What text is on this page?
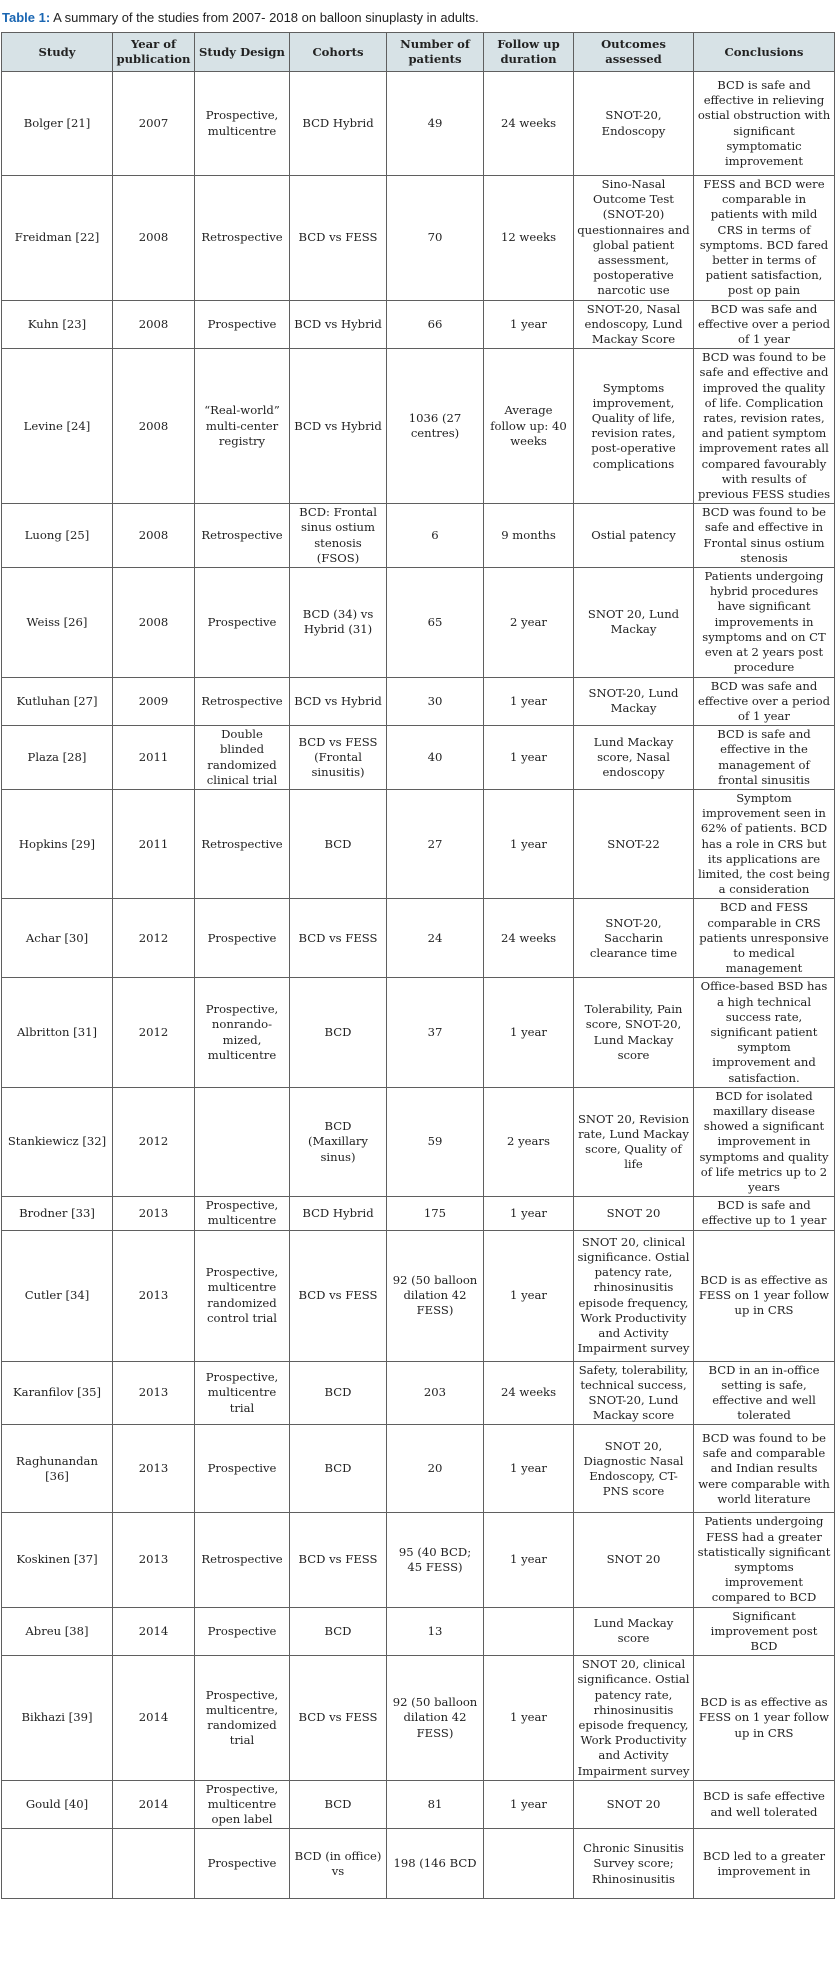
Table 1: A summary of the studies from 2007- 2018 on balloon sinuplasty in adults.
Study	Year of publication	Study Design	Cohorts	Number of patients	Follow up duration	Outcomes assessed	Conclusions
Bolger [21]	2007	Prospective, multicentre	BCD Hybrid	49	24 weeks	SNOT-20, Endoscopy	BCD is safe and effective in relieving ostial obstruction with significant symptomatic improvement
Freidman [22]	2008	Retrospective	BCD vs FESS	70	12 weeks	Sino-Nasal Outcome Test (SNOT-20) questionnaires and global patient assessment, postoperative narcotic use	FESS and BCD were comparable in patients with mild CRS in terms of symptoms. BCD fared better in terms of patient satisfaction, post op pain
Kuhn [23]	2008	Prospective	BCD vs Hybrid	66	1 year	SNOT-20, Nasal endoscopy, Lund Mackay Score	BCD was safe and effective over a period of 1 year
Levine [24]	2008	“Real-world” multi-center registry	BCD vs Hybrid	1036 (27 centres)	Average follow up: 40 weeks	Symptoms improvement, Quality of life, revision rates, post-operative complications	BCD was found to be safe and effective and improved the quality of life. Complication rates, revision rates, and patient symptom improvement rates all compared favourably with results of previous FESS studies
Luong [25]	2008	Retrospective	BCD: Frontal sinus ostium stenosis (FSOS)	6	9 months	Ostial patency	BCD was found to be safe and effective in Frontal sinus ostium stenosis
Weiss [26]	2008	Prospective	BCD (34) vs Hybrid (31)	65	2 year	SNOT 20, Lund Mackay	Patients undergoing hybrid procedures have significant improvements in symptoms and on CT even at 2 years post procedure
Kutluhan [27]	2009	Retrospective	BCD vs Hybrid	30	1 year	SNOT-20, Lund Mackay	BCD was safe and effective over a period of 1 year
Plaza [28]	2011	Double blinded randomized clinical trial	BCD vs FESS (Frontal sinusitis)	40	1 year	Lund Mackay score, Nasal endoscopy	BCD is safe and effective in the management of frontal sinusitis
Hopkins [29]	2011	Retrospective	BCD	27	1 year	SNOT-22	Symptom improvement seen in 62% of patients. BCD has a role in CRS but its applications are limited, the cost being a consideration
Achar [30]	2012	Prospective	BCD vs FESS	24	24 weeks	SNOT-20, Saccharin clearance time	BCD and FESS comparable in CRS patients unresponsive to medical management
Albritton [31]	2012	Prospective, nonrando-mized, multicentre	BCD	37	1 year	Tolerability, Pain score, SNOT-20, Lund Mackay score	Office-based BSD has a high technical success rate, significant patient symptom improvement and satisfaction.
Stankiewicz [32]	2012		BCD (Maxillary sinus)	59	2 years	SNOT 20, Revision rate, Lund Mackay score, Quality of life	BCD for isolated maxillary disease showed a significant improvement in symptoms and quality of life metrics up to 2 years
Brodner [33]	2013	Prospective, multicentre	BCD Hybrid	175	1 year	SNOT 20	BCD is safe and effective up to 1 year
Cutler [34]	2013	Prospective, multicentre randomized control trial	BCD vs FESS	92 (50 balloon dilation 42 FESS)	1 year	SNOT 20, clinical significance. Ostial patency rate, rhinosinusitis episode frequency, Work Productivity and Activity Impairment survey	BCD is as effective as FESS on 1 year follow up in CRS
Karanfilov [35]	2013	Prospective, multicentre trial	BCD	203	24 weeks	Safety, tolerability, technical success, SNOT-20, Lund Mackay score	BCD in an in-office setting is safe, effective and well tolerated
Raghunandan [36]	2013	Prospective	BCD	20	1 year	SNOT 20, Diagnostic Nasal Endoscopy, CT-PNS score	BCD was found to be safe and comparable and Indian results were comparable with world literature
Koskinen [37]	2013	Retrospective	BCD vs FESS	95 (40 BCD; 45 FESS)	1 year	SNOT 20	Patients undergoing FESS had a greater statistically significant symptoms improvement compared to BCD
Abreu [38]	2014	Prospective	BCD	13		Lund Mackay score	Significant improvement post BCD
Bikhazi [39]	2014	Prospective, multicentre, randomized trial	BCD vs FESS	92 (50 balloon dilation 42 FESS)	1 year	SNOT 20, clinical significance. Ostial patency rate, rhinosinusitis episode frequency, Work Productivity and Activity Impairment survey	BCD is as effective as FESS on 1 year follow up in CRS
Gould [40]	2014	Prospective, multicentre open label	BCD	81	1 year	SNOT 20	BCD is safe effective and well tolerated
		Prospective	BCD (in office) vs	198 (146 BCD		Chronic Sinusitis Survey score; Rhinosinusitis	BCD led to a greater improvement in
